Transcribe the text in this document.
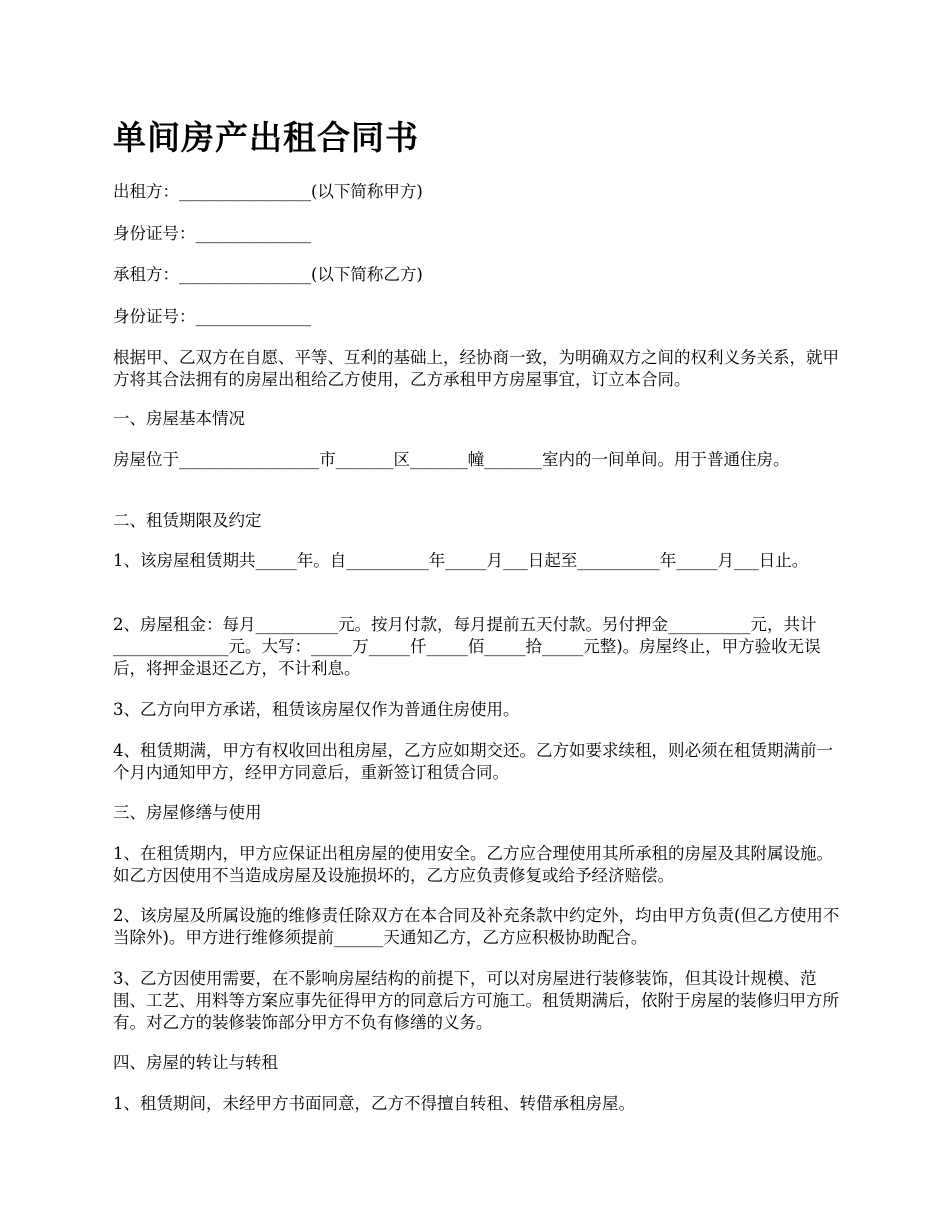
单间房产出租合同书

出租方：________________(以下简称甲方)

身份证号：______________

承租方：________________(以下简称乙方)

身份证号：______________

根据甲、乙双方在自愿、平等、互利的基础上，经协商一致，为明确双方之间的权利义务关系，就甲方将其合法拥有的房屋出租给乙方使用，乙方承租甲方房屋事宜，订立本合同。

一、房屋基本情况

房屋位于_________________市_______区_______幢_______室内的一间单间。用于普通住房。

二、租赁期限及约定

1、该房屋租赁期共_____年。自__________年_____月___日起至__________年_____月___日止。

2、房屋租金：每月__________元。按月付款，每月提前五天付款。另付押金__________元，共计______________元。大写：_____万_____仟_____佰_____拾_____元整)。房屋终止，甲方验收无误后，将押金退还乙方，不计利息。

3、乙方向甲方承诺，租赁该房屋仅作为普通住房使用。

4、租赁期满，甲方有权收回出租房屋，乙方应如期交还。乙方如要求续租，则必须在租赁期满前一个月内通知甲方，经甲方同意后，重新签订租赁合同。

三、房屋修缮与使用

1、在租赁期内，甲方应保证出租房屋的使用安全。乙方应合理使用其所承租的房屋及其附属设施。如乙方因使用不当造成房屋及设施损坏的，乙方应负责修复或给予经济赔偿。

2、该房屋及所属设施的维修责任除双方在本合同及补充条款中约定外，均由甲方负责(但乙方使用不当除外)。甲方进行维修须提前______天通知乙方，乙方应积极协助配合。

3、乙方因使用需要，在不影响房屋结构的前提下，可以对房屋进行装修装饰，但其设计规模、范围、工艺、用料等方案应事先征得甲方的同意后方可施工。租赁期满后，依附于房屋的装修归甲方所有。对乙方的装修装饰部分甲方不负有修缮的义务。

四、房屋的转让与转租

1、租赁期间，未经甲方书面同意，乙方不得擅自转租、转借承租房屋。
